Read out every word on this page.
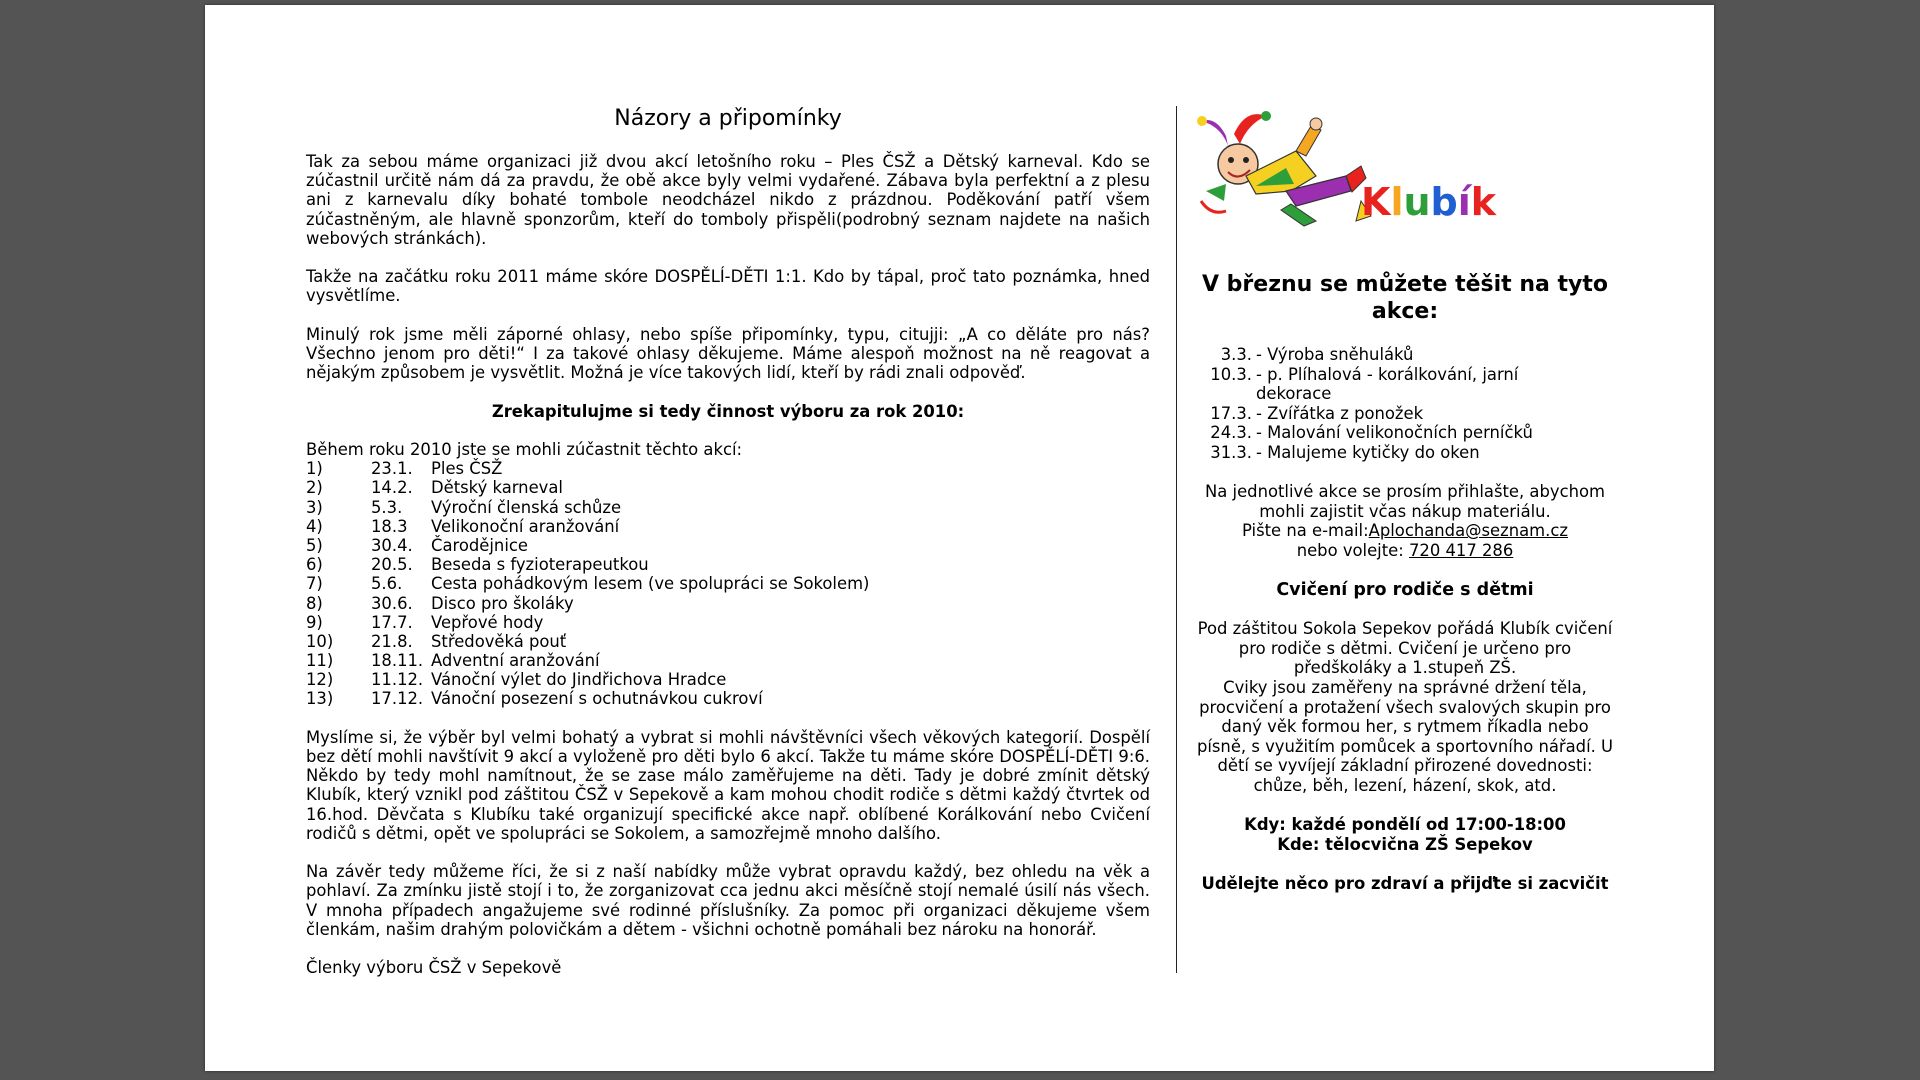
Názory a připomínky

Tak za sebou máme organizaci již dvou akcí letošního roku – Ples ČSŽ a Dětský karneval. Kdo se zúčastnil určitě nám dá za pravdu, že obě akce byly velmi vydařené. Zábava byla perfektní a z plesu ani z karnevalu díky bohaté tombole neodcházel nikdo z prázdnou. Poděkování patří všem zúčastněným, ale hlavně sponzorům, kteří do tomboly přispěli(podrobný seznam najdete na našich webových stránkách).

Takže na začátku roku 2011 máme skóre DOSPĚLÍ-DĚTI 1:1. Kdo by tápal, proč tato poznámka, hned vysvětlíme.

Minulý rok jsme měli záporné ohlasy, nebo spíše připomínky, typu, citujji: „A co děláte pro nás? Všechno jenom pro děti!“ I za takové ohlasy děkujeme. Máme alespoň možnost na ně reagovat a nějakým způsobem je vysvětlit. Možná je více takových lidí, kteří by rádi znali odpověď.

Zrekapitulujme si tedy činnost výboru za rok 2010:

Během roku 2010 jste se mohli zúčastnit těchto akcí:

1)	23.1.	Ples ČSŽ
2)	14.2.	Dětský karneval
3)	5.3.	Výroční členská schůze
4)	18.3	Velikonoční aranžování
5)	30.4.	Čarodějnice
6)	20.5.	Beseda s fyzioterapeutkou
7)	5.6.	Cesta pohádkovým lesem (ve spolupráci se Sokolem)
8)	30.6.	Disco pro školáky
9)	17.7.	Vepřové hody
10)	21.8.	Středověká pouť
11)	18.11. Adventní aranžování
12)	11.12. Vánoční výlet do Jindřichova Hradce
13)	17.12. Vánoční posezení s ochutnávkou cukroví

Myslíme si, že výběr byl velmi bohatý a vybrat si mohli návštěvníci všech věkových kategorií. Dospělí bez dětí mohli navštívit 9 akcí a vyloženě pro děti bylo 6 akcí. Takže tu máme skóre DOSPĚLÍ-DĚTI 9:6. Někdo by tedy mohl namítnout, že se zase málo zaměřujeme na děti. Tady je dobré zmínit dětský Klubík, který vznikl pod záštitou ČSŽ v Sepekově a kam mohou chodit rodiče s dětmi každý čtvrtek od 16.hod. Děvčata s Klubíku také organizují specifické akce např. oblíbené Korálkování nebo Cvičení rodičů s dětmi, opět ve spolupráci se Sokolem, a samozřejmě mnoho dalšího.

Na závěr tedy můžeme říci, že si z naší nabídky může vybrat opravdu každý, bez ohledu na věk a pohlaví. Za zmínku jistě stojí i to, že zorganizovat cca jednu akci měsíčně stojí nemalé úsilí nás všech. V mnoha případech angažujeme své rodinné příslušníky. Za pomoc při organizaci děkujeme všem členkám, našim drahým polovičkám a dětem - všichni ochotně pomáhali bez nároku na honorář.

Členky výboru ČSŽ v Sepekově

Klubík
V březnu se můžete těšit na tyto akce:
3.3. - Výroba sněhuláků
10.3. - p. Plíhalová - korálkování, jarní dekorace
17.3. - Zvířátka z ponožek
24.3. - Malování velikonočních perníčků
31.3. - Malujeme kytičky do oken
Na jednotlivé akce se prosím přihlašte, abychom mohli zajistit včas nákup materiálu.
Pište na e-mail:Aplochanda@seznam.cz
nebo volejte: 720 417 286
Cvičení pro rodiče s dětmi
Pod záštitou Sokola Sepekov pořádá Klubík cvičení pro rodiče s dětmi. Cvičení je určeno pro předškoláky a 1.stupeň ZŠ.
Cviky jsou zaměřeny na správné držení těla, procvičení a protažení všech svalových skupin pro daný věk formou her, s rytmem říkadla nebo písně, s využitím pomůcek a sportovního nářadí. U dětí se vyvíjejí základní přirozené dovednosti: chůze, běh, lezení, házení, skok, atd.
Kdy: každé pondělí od 17:00-18:00
Kde: tělocvična ZŠ Sepekov
Udělejte něco pro zdraví a přijďte si zacvičit
